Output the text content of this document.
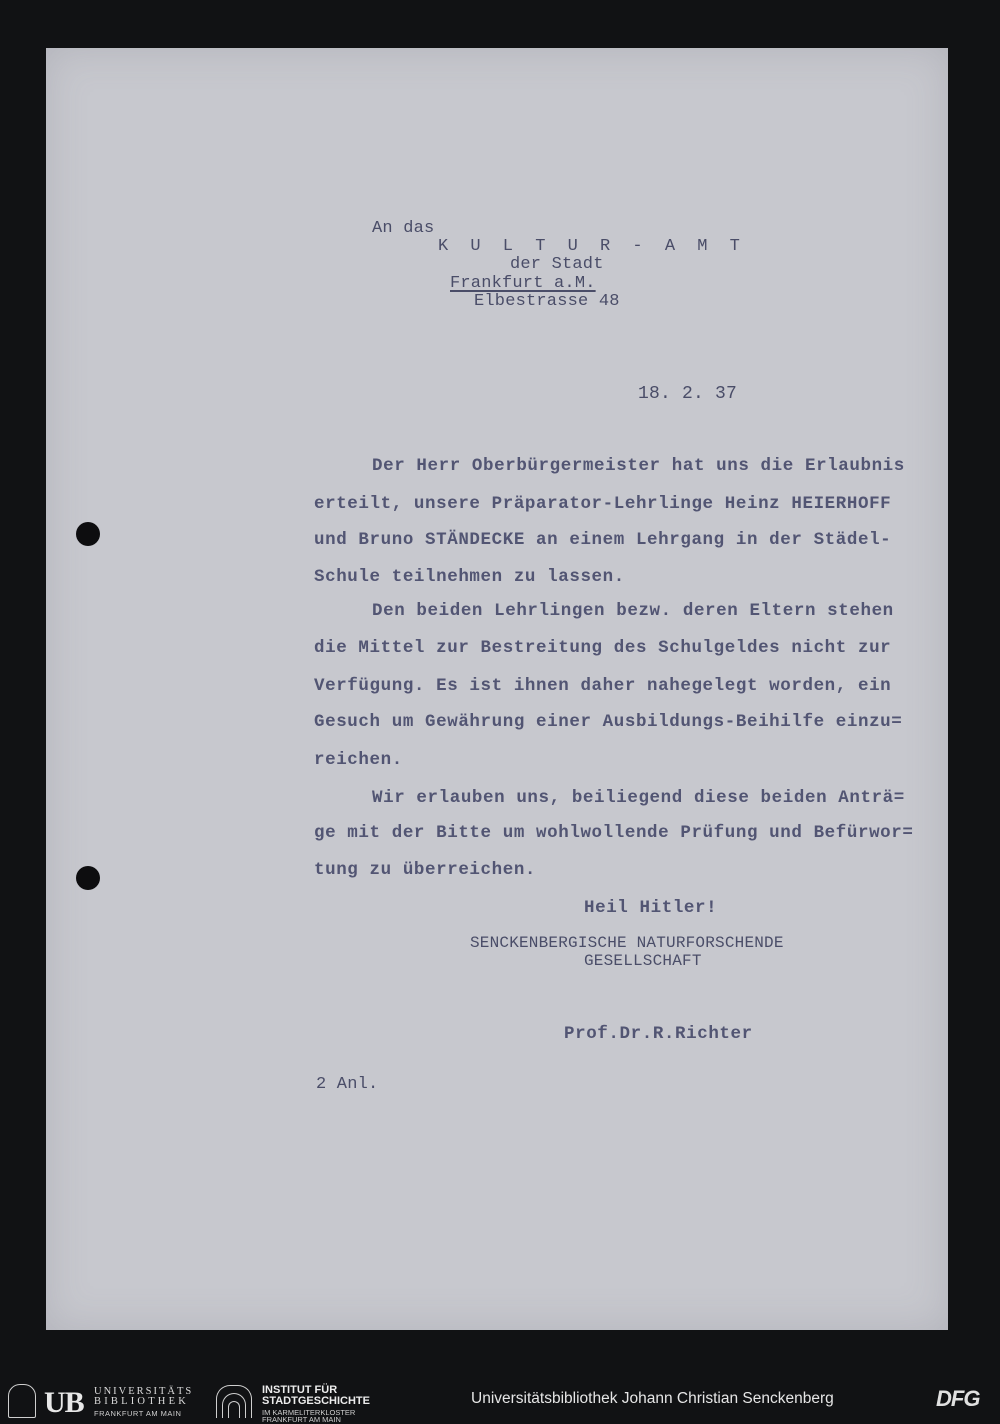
An das
K U L T U R - A M T
der Stadt
Frankfurt a.M.
Elbestrasse 48
18. 2. 37
Der Herr Oberbürgermeister hat uns die Erlaubnis
erteilt, unsere Präparator-Lehrlinge Heinz HEIERHOFF
und Bruno STÄNDECKE an einem Lehrgang in der Städel-
Schule teilnehmen zu lassen.
Den beiden Lehrlingen bezw. deren Eltern stehen
die Mittel zur Bestreitung des Schulgeldes nicht zur
Verfügung. Es ist ihnen daher nahegelegt worden, ein
Gesuch um Gewährung einer Ausbildungs-Beihilfe einzu=
reichen.
Wir erlauben uns, beiliegend diese beiden Anträ=
ge mit der Bitte um wohlwollende Prüfung und Befürwor=
tung zu überreichen.
Heil Hitler!
SENCKENBERGISCHE NATURFORSCHENDE
GESELLSCHAFT
Prof.Dr.R.Richter
2 Anl.
UB UNIVERSITÄTS
BIBLIOTHEK
FRANKFURT AM MAIN
INSTITUT FÜR
STADTGESCHICHTE
IM KARMELITERKLOSTER
FRANKFURT AM MAIN
Universitätsbibliothek Johann Christian Senckenberg	DFG
